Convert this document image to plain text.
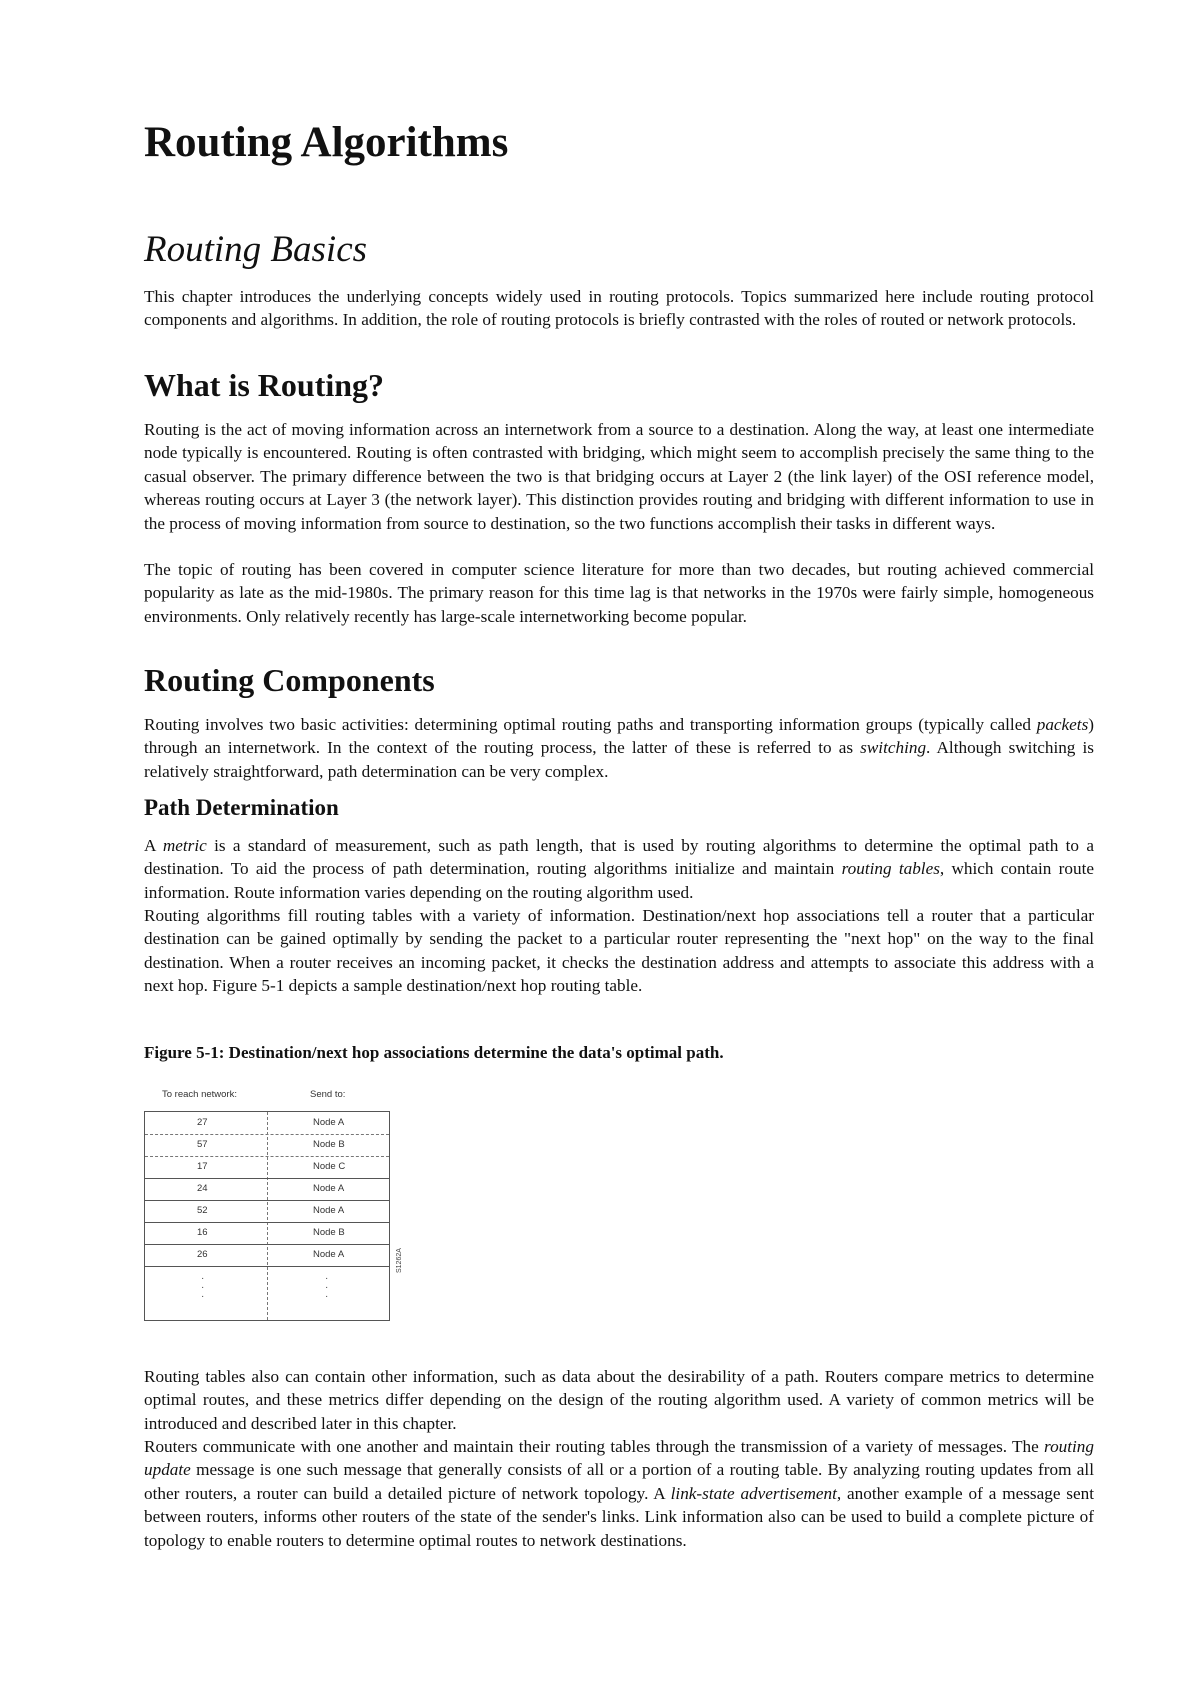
Routing Algorithms
Routing Basics

This chapter introduces the underlying concepts widely used in routing protocols. Topics summarized here include routing protocol components and algorithms. In addition, the role of routing protocols is briefly contrasted with the roles of routed or network protocols.

What is Routing?

Routing is the act of moving information across an internetwork from a source to a destination. Along the way, at least one intermediate node typically is encountered. Routing is often contrasted with bridging, which might seem to accomplish precisely the same thing to the casual observer. The primary difference between the two is that bridging occurs at Layer 2 (the link layer) of the OSI reference model, whereas routing occurs at Layer 3 (the network layer). This distinction provides routing and bridging with different information to use in the process of moving information from source to destination, so the two functions accomplish their tasks in different ways.

The topic of routing has been covered in computer science literature for more than two decades, but routing achieved commercial popularity as late as the mid-1980s. The primary reason for this time lag is that networks in the 1970s were fairly simple, homogeneous environments. Only relatively recently has large-scale internetworking become popular.

Routing Components

Routing involves two basic activities: determining optimal routing paths and transporting information groups (typically called packets) through an internetwork. In the context of the routing process, the latter of these is referred to as switching. Although switching is relatively straightforward, path determination can be very complex.

Path Determination

A metric is a standard of measurement, such as path length, that is used by routing algorithms to determine the optimal path to a destination. To aid the process of path determination, routing algorithms initialize and maintain routing tables, which contain route information. Route information varies depending on the routing algorithm used.

Routing algorithms fill routing tables with a variety of information. Destination/next hop associations tell a router that a particular destination can be gained optimally by sending the packet to a particular router representing the "next hop" on the way to the final destination. When a router receives an incoming packet, it checks the destination address and attempts to associate this address with a next hop. Figure 5-1 depicts a sample destination/next hop routing table.

Figure 5-1: Destination/next hop associations determine the data's optimal path.
To reach network:	Send to:
27	Node A
57	Node B
17	Node C
24	Node A
52	Node A
16	Node B
26	Node A
·
·
·
·
·
·
S1262A

Routing tables also can contain other information, such as data about the desirability of a path. Routers compare metrics to determine optimal routes, and these metrics differ depending on the design of the routing algorithm used. A variety of common metrics will be introduced and described later in this chapter.

Routers communicate with one another and maintain their routing tables through the transmission of a variety of messages. The routing update message is one such message that generally consists of all or a portion of a routing table. By analyzing routing updates from all other routers, a router can build a detailed picture of network topology. A link-state advertisement, another example of a message sent between routers, informs other routers of the state of the sender's links. Link information also can be used to build a complete picture of topology to enable routers to determine optimal routes to network destinations.
